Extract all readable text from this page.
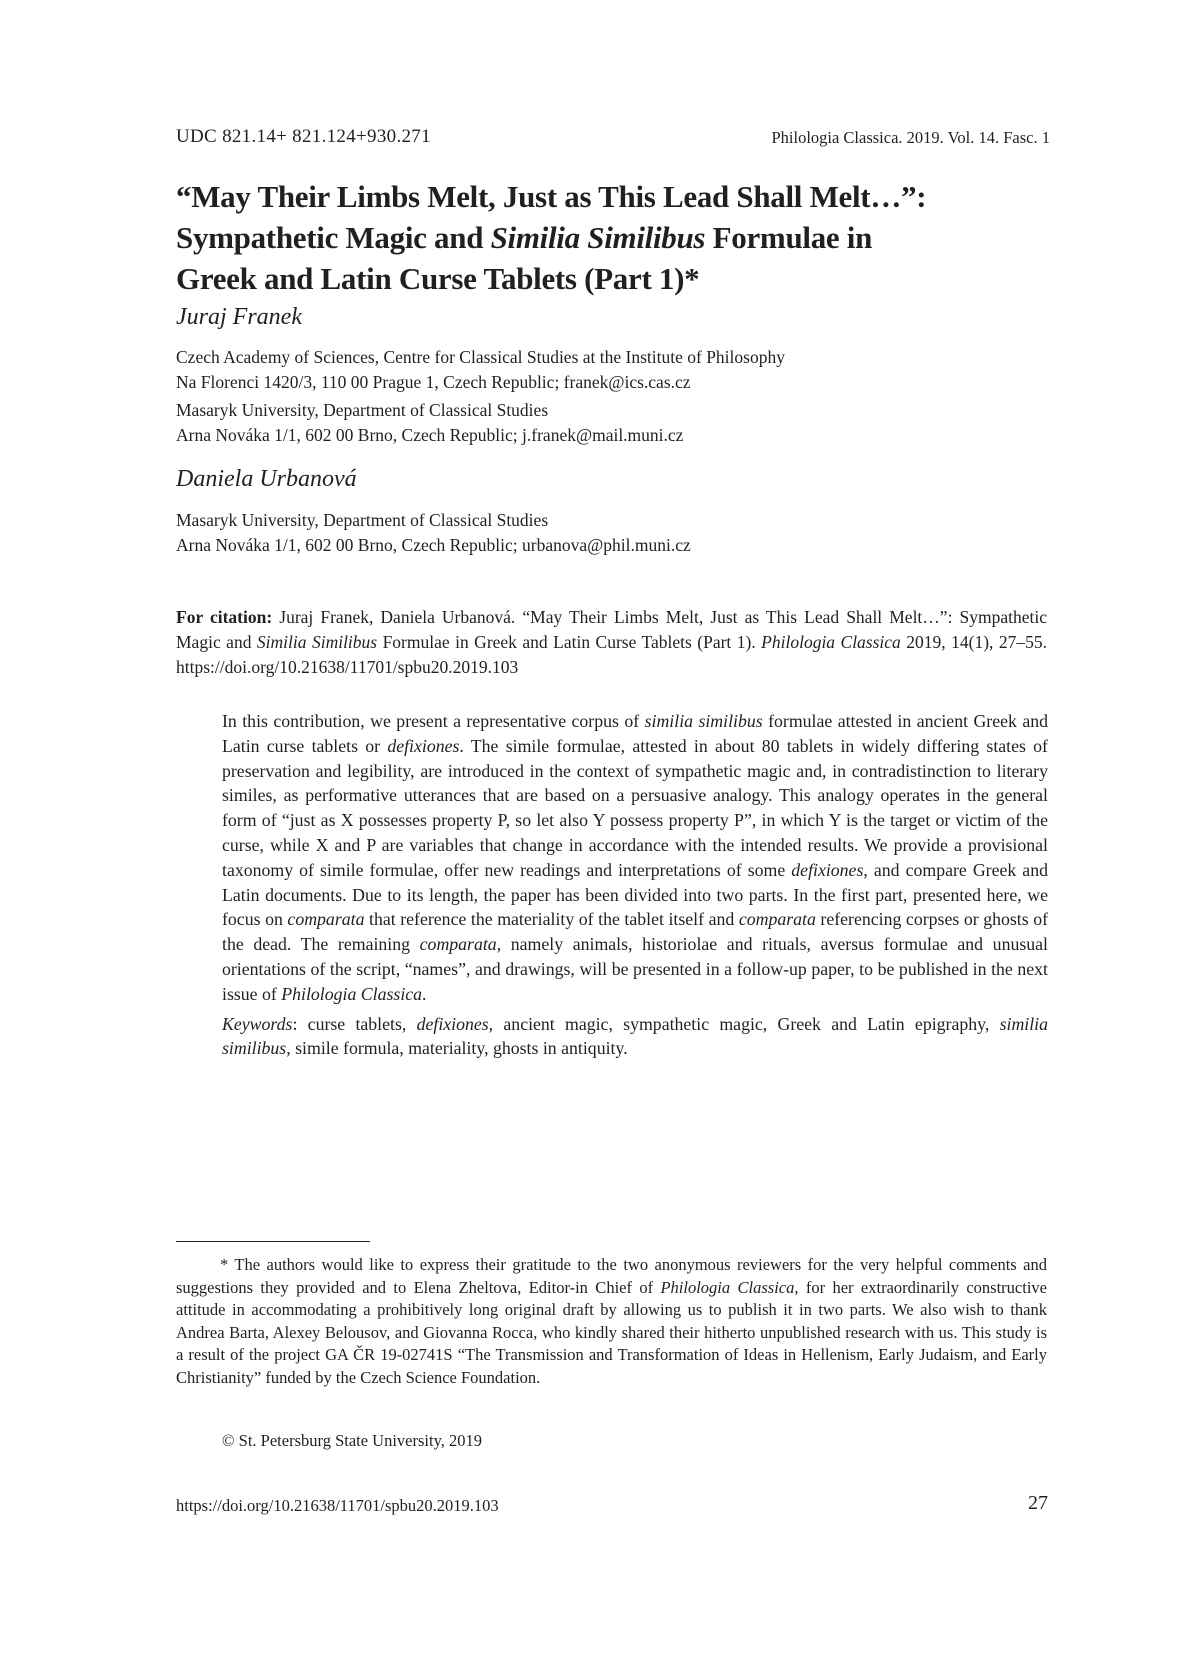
UDC 821.14+ 821.124+930.271	Philologia Classica. 2019. Vol. 14. Fasc. 1
“May Their Limbs Melt, Just as This Lead Shall Melt…”:
Sympathetic Magic and Similia Similibus Formulae in
Greek and Latin Curse Tablets (Part 1)*
Juraj Franek
Czech Academy of Sciences, Centre for Classical Studies at the Institute of Philosophy
Na Florenci 1420/3, 110 00 Prague 1, Czech Republic; franek@ics.cas.cz
Masaryk University, Department of Classical Studies
Arna Nováka 1/1, 602 00 Brno, Czech Republic; j.franek@mail.muni.cz
Daniela Urbanová
Masaryk University, Department of Classical Studies
Arna Nováka 1/1, 602 00 Brno, Czech Republic; urbanova@phil.muni.cz
For citation: Juraj Franek, Daniela Urbanová. “May Their Limbs Melt, Just as This Lead Shall Melt…”: Sympathetic Magic and Similia Similibus Formulae in Greek and Latin Curse Tablets (Part 1). Philologia Classica 2019, 14(1), 27–55. https://doi.org/10.21638/11701/spbu20.2019.103

In this contribution, we present a representative corpus of similia similibus formulae attested in ancient Greek and Latin curse tablets or defixiones. The simile formulae, attested in about 80 tablets in widely differing states of preservation and legibility, are introduced in the context of sympathetic magic and, in contradistinction to literary similes, as performative utterances that are based on a persuasive analogy. This analogy operates in the general form of “just as X possesses property P, so let also Y possess property P”, in which Y is the target or victim of the curse, while X and P are variables that change in accordance with the intended results. We provide a provisional taxonomy of simile formulae, offer new readings and interpretations of some defixiones, and compare Greek and Latin documents. Due to its length, the paper has been divided into two parts. In the first part, presented here, we focus on comparata that reference the materiality of the tablet itself and comparata referencing corpses or ghosts of the dead. The remaining comparata, namely animals, historiolae and rituals, aversus formulae and unusual orientations of the script, “names”, and drawings, will be presented in a follow-up paper, to be published in the next issue of Philologia Classica.

Keywords: curse tablets, defixiones, ancient magic, sympathetic magic, Greek and Latin epigraphy, similia similibus, simile formula, materiality, ghosts in antiquity.

* The authors would like to express their gratitude to the two anonymous reviewers for the very helpful comments and suggestions they provided and to Elena Zheltova, Editor-in Chief of Philologia Classica, for her extraordinarily constructive attitude in accommodating a prohibitively long original draft by allowing us to publish it in two parts. We also wish to thank Andrea Barta, Alexey Belousov, and Giovanna Rocca, who kindly shared their hitherto unpublished research with us. This study is a result of the project GA ČR 19-02741S “The Transmission and Transformation of Ideas in Hellenism, Early Judaism, and Early Christianity” funded by the Czech Science Foundation.
© St. Petersburg State University, 2019
https://doi.org/10.21638/11701/spbu20.2019.103	27
